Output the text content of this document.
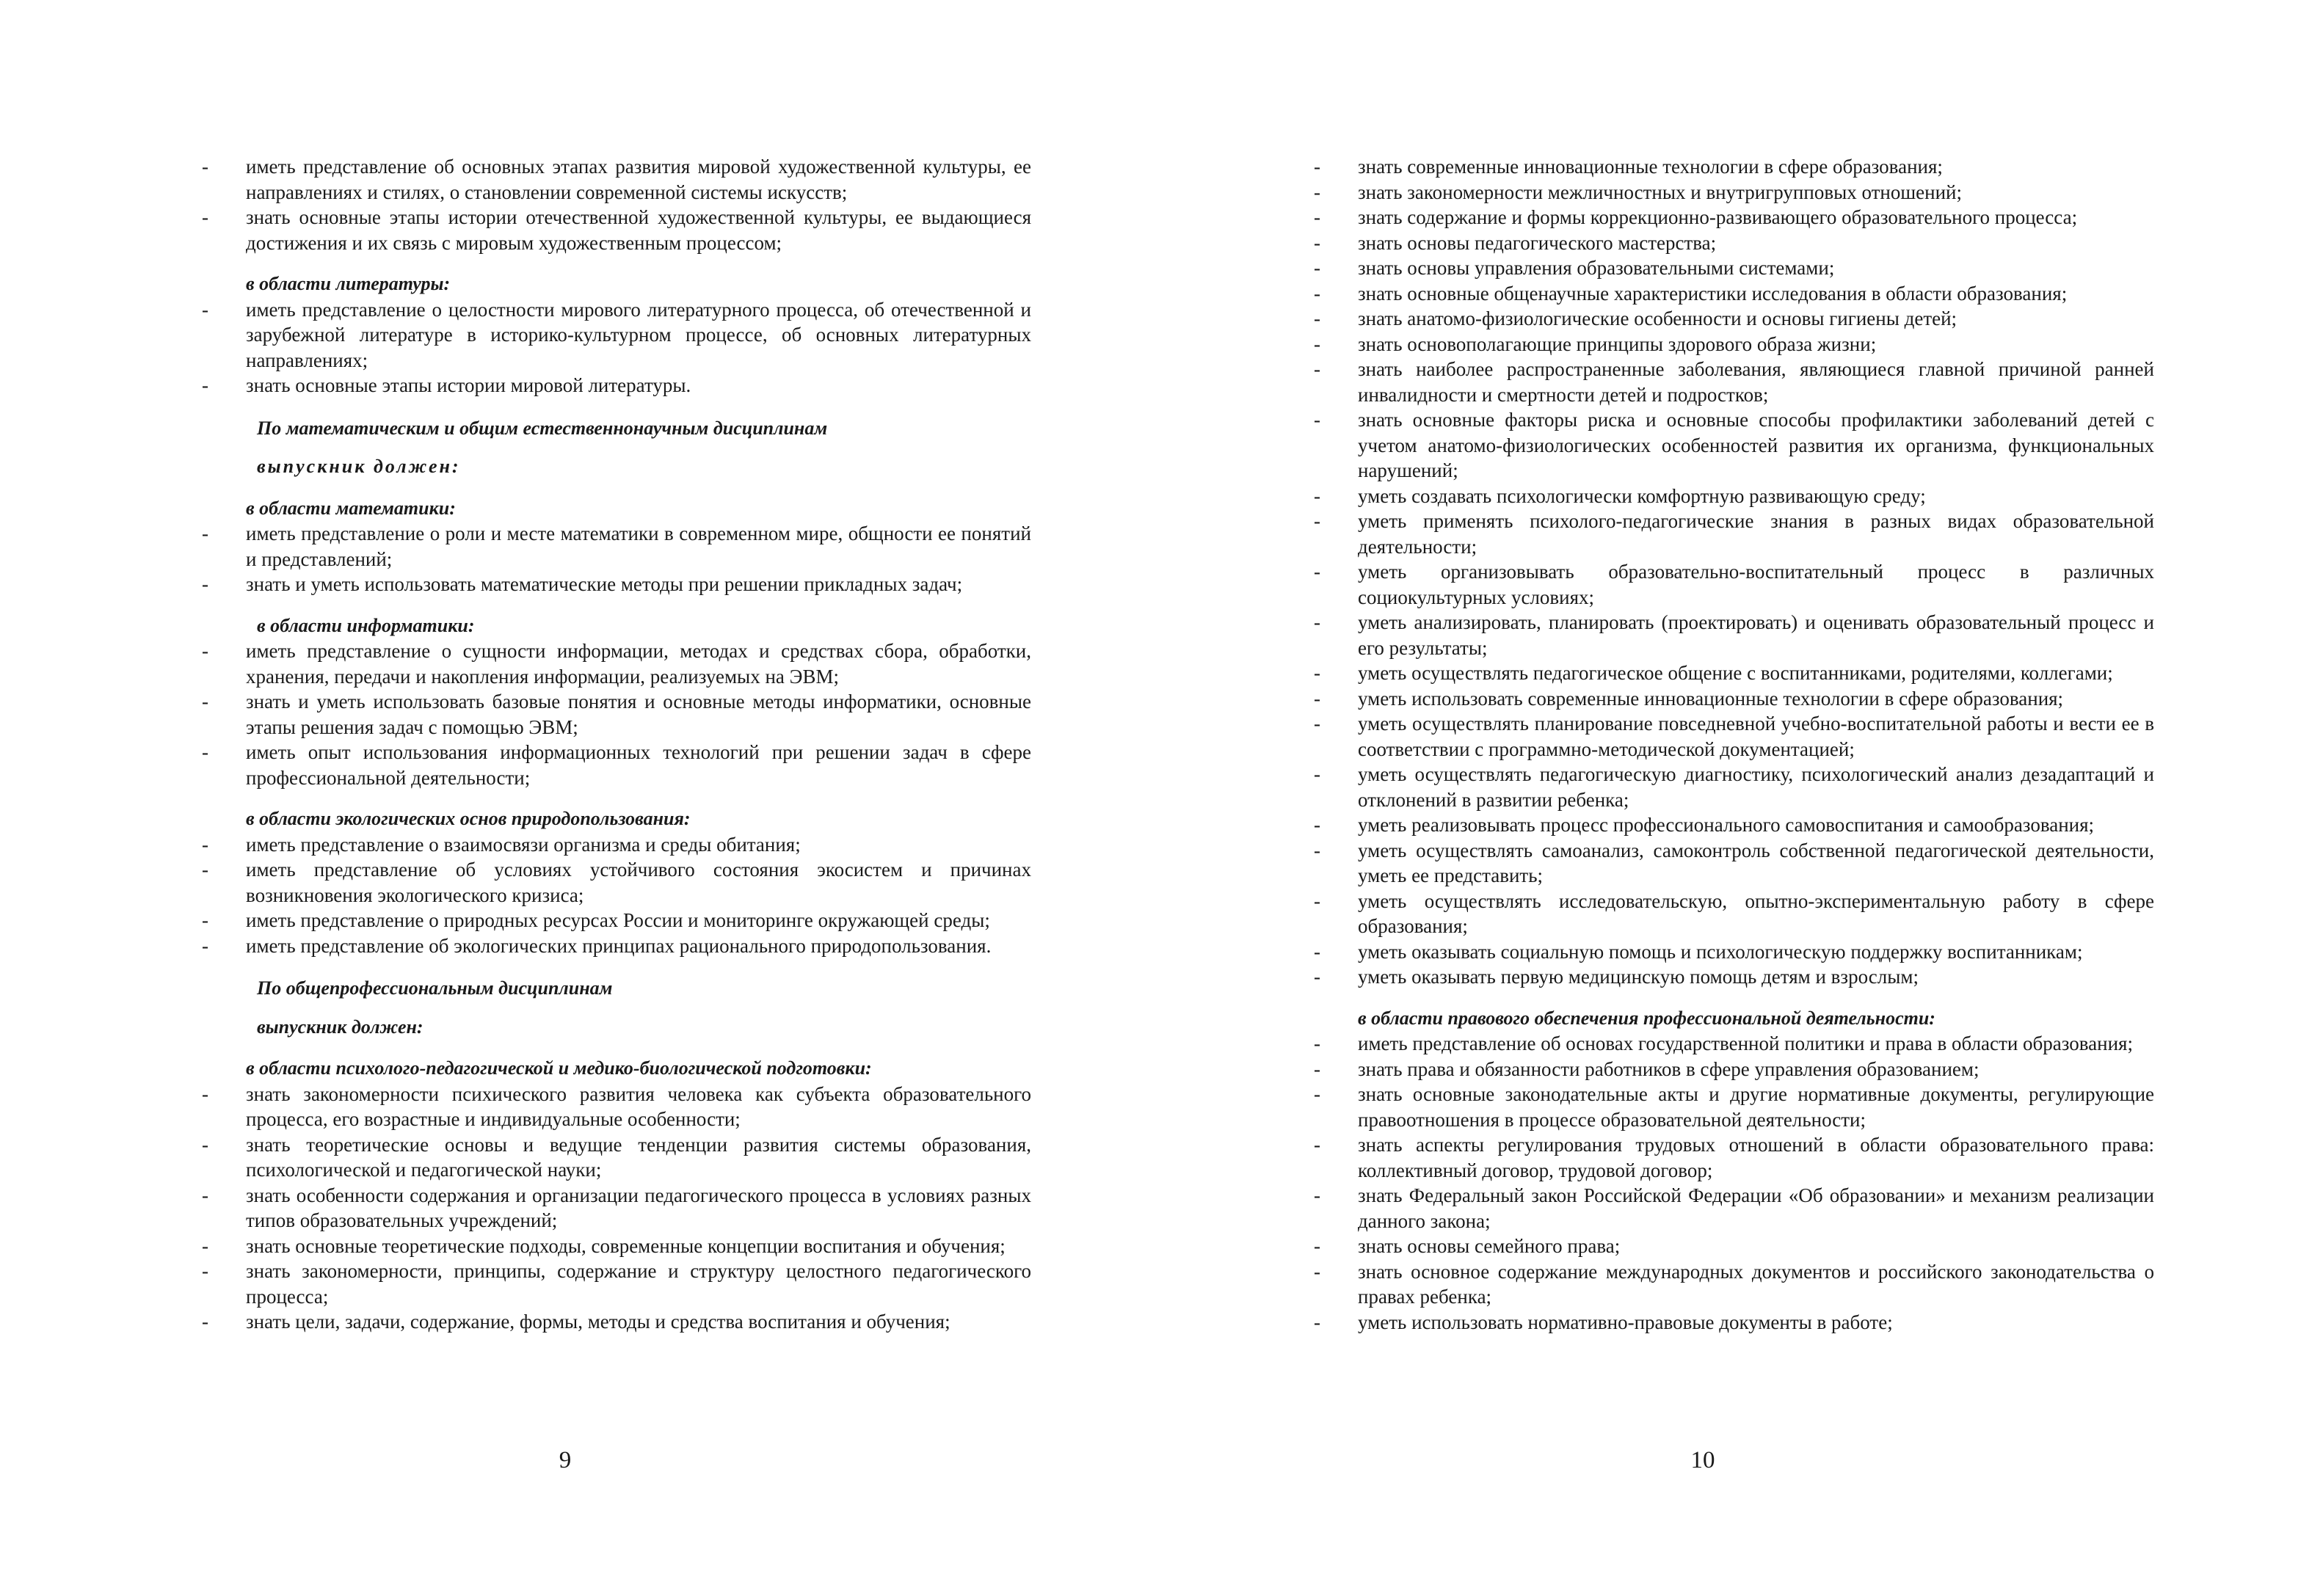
- иметь представление об основных этапах развития мировой художественной культуры, ее направлениях и стилях, о становлении современной системы искусств;
- знать основные этапы истории отечественной художественной культуры, ее выдающиеся достижения и их связь с мировым художественным процессом;
в области литературы:
- иметь представление о целостности мирового литературного процесса, об отечественной и зарубежной литературе в историко-культурном процессе, об основных литературных направлениях;
- знать основные этапы истории мировой литературы.
По математическим и общим естественнонаучным дисциплинам
выпускник должен:
в области математики:
- иметь представление о роли и месте математики в современном мире, общности ее понятий и представлений;
- знать и уметь использовать математические методы при решении прикладных задач;
в области информатики:
- иметь представление о сущности информации, методах и средствах сбора, обработки, хранения, передачи и накопления информации, реализуемых на ЭВМ;
- знать и уметь использовать базовые понятия и основные методы информатики, основные этапы решения задач с помощью ЭВМ;
- иметь опыт использования информационных технологий при решении задач в сфере профессиональной деятельности;
в области экологических основ природопользования:
- иметь представление о взаимосвязи организма и среды обитания;
- иметь представление об условиях устойчивого состояния экосистем и причинах возникновения экологического кризиса;
- иметь представление о природных ресурсах России и мониторинге окружающей среды;
- иметь представление об экологических принципах рационального природопользования.
По общепрофессиональным дисциплинам
выпускник должен:
в области психолого-педагогической и медико-биологической подготовки:
- знать закономерности психического развития человека как субъекта образовательного процесса, его возрастные и индивидуальные особенности;
- знать теоретические основы и ведущие тенденции развития системы образования, психологической и педагогической науки;
- знать особенности содержания и организации педагогического процесса в условиях разных типов образовательных учреждений;
- знать основные теоретические подходы, современные концепции воспитания и обучения;
- знать закономерности, принципы, содержание и структуру целостного педагогического процесса;
- знать цели, задачи, содержание, формы, методы и средства воспитания и обучения;
9
- знать современные инновационные технологии в сфере образования;
- знать закономерности межличностных и внутригрупповых отношений;
- знать содержание и формы коррекционно-развивающего образовательного процесса;
- знать основы педагогического мастерства;
- знать основы управления образовательными системами;
- знать основные общенаучные характеристики исследования в области образования;
- знать анатомо-физиологические особенности и основы гигиены детей;
- знать основополагающие принципы здорового образа жизни;
- знать наиболее распространенные заболевания, являющиеся главной причиной ранней инвалидности и смертности детей и подростков;
- знать основные факторы риска и основные способы профилактики заболеваний детей с учетом анатомо-физиологических особенностей развития их организма, функциональных нарушений;
- уметь создавать психологически комфортную развивающую среду;
- уметь применять психолого-педагогические знания в разных видах образовательной деятельности;
- уметь организовывать образовательно-воспитательный процесс в различных социокультурных условиях;
- уметь анализировать, планировать (проектировать) и оценивать образовательный процесс и его результаты;
- уметь осуществлять педагогическое общение с воспитанниками, родителями, коллегами;
- уметь использовать современные инновационные технологии в сфере образования;
- уметь осуществлять планирование повседневной учебно-воспитательной работы и вести ее в соответствии с программно-методической документацией;
- уметь осуществлять педагогическую диагностику, психологический анализ дезадаптаций и отклонений в развитии ребенка;
- уметь реализовывать процесс профессионального самовоспитания и самообразования;
- уметь осуществлять самоанализ, самоконтроль собственной педагогической деятельности, уметь ее представить;
- уметь осуществлять исследовательскую, опытно-экспериментальную работу в сфере образования;
- уметь оказывать социальную помощь и психологическую поддержку воспитанникам;
- уметь оказывать первую медицинскую помощь детям и взрослым;
в области правового обеспечения профессиональной деятельности:
- иметь представление об основах государственной политики и права в области образования;
- знать права и обязанности работников в сфере управления образованием;
- знать основные законодательные акты и другие нормативные документы, регулирующие правоотношения в процессе образовательной деятельности;
- знать аспекты регулирования трудовых отношений в области образовательного права: коллективный договор, трудовой договор;
- знать Федеральный закон Российской Федерации «Об образовании» и механизм реализации данного закона;
- знать основы семейного права;
- знать основное содержание международных документов и российского законодательства о правах ребенка;
- уметь использовать нормативно-правовые документы в работе;
10
